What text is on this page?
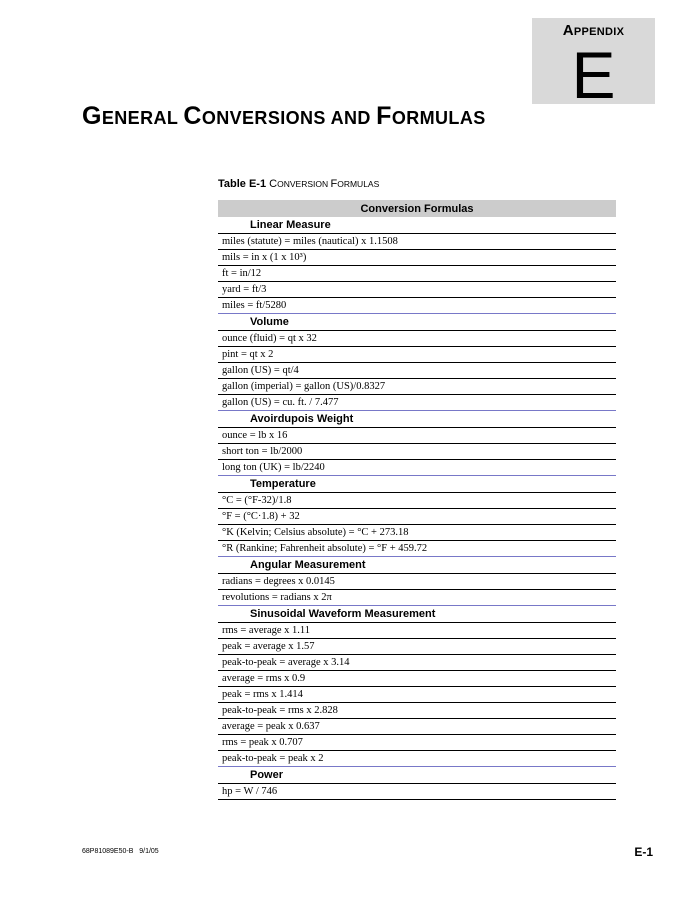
APPENDIX
E
GENERAL CONVERSIONS AND FORMULAS
Table E-1 CONVERSION FORMULAS
Conversion Formulas
Linear Measure
miles (statute) = miles (nautical) x 1.1508
mils = in x (1 x 10³)
ft = in/12
yard = ft/3
miles = ft/5280
Volume
ounce (fluid) = qt x 32
pint = qt x 2
gallon (US) = qt/4
gallon (imperial) = gallon (US)/0.8327
gallon (US) = cu. ft. / 7.477
Avoirdupois Weight
ounce = lb x 16
short ton = lb/2000
long ton (UK) = lb/2240
Temperature
°C = (°F-32)/1.8
°F = (°C·1.8) + 32
°K (Kelvin; Celsius absolute) = °C + 273.18
°R (Rankine; Fahrenheit absolute) = °F + 459.72
Angular Measurement
radians = degrees x 0.0145
revolutions = radians x 2π
Sinusoidal Waveform Measurement
rms = average x 1.11
peak = average x 1.57
peak-to-peak = average x 3.14
average = rms x 0.9
peak = rms x 1.414
peak-to-peak = rms x 2.828
average = peak x 0.637
rms = peak x 0.707
peak-to-peak = peak x 2
Power
hp = W / 746
68P81089E50-B 9/1/05	E-1
